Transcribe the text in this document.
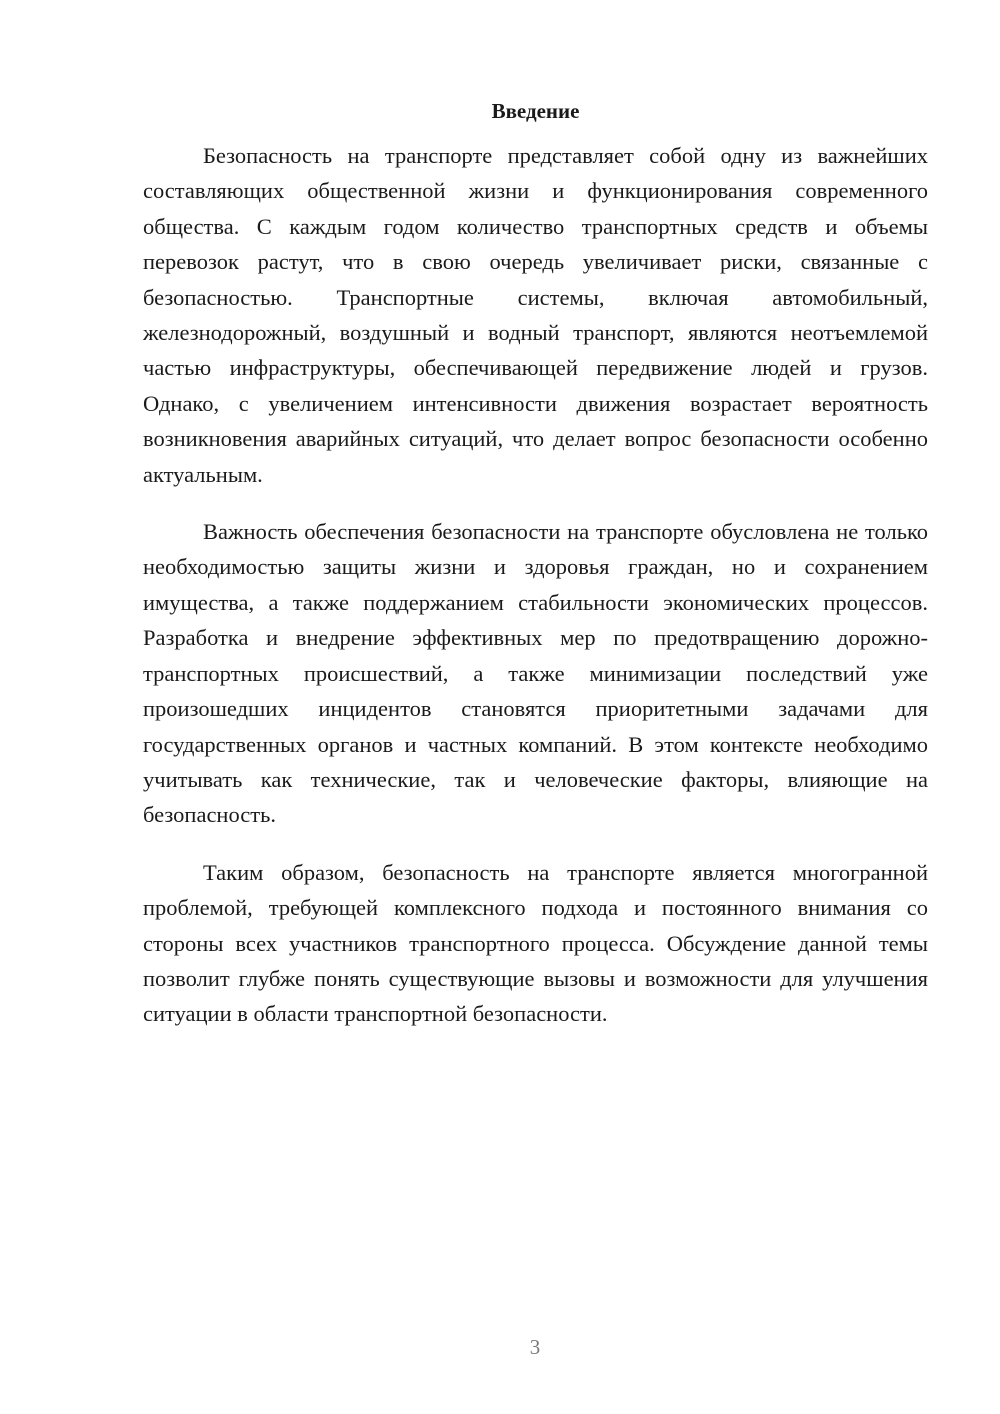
Введение

Безопасность на транспорте представляет собой одну из важнейших составляющих общественной жизни и функционирования современного общества. С каждым годом количество транспортных средств и объемы перевозок растут, что в свою очередь увеличивает риски, связанные с безопасностью. Транспортные системы, включая автомобильный, железнодорожный, воздушный и водный транспорт, являются неотъемлемой частью инфраструктуры, обеспечивающей передвижение людей и грузов. Однако, с увеличением интенсивности движения возрастает вероятность возникновения аварийных ситуаций, что делает вопрос безопасности особенно актуальным.

Важность обеспечения безопасности на транспорте обусловлена не только необходимостью защиты жизни и здоровья граждан, но и сохранением имущества, а также поддержанием стабильности экономических процессов. Разработка и внедрение эффективных мер по предотвращению дорожно-транспортных происшествий, а также минимизации последствий уже произошедших инцидентов становятся приоритетными задачами для государственных органов и частных компаний. В этом контексте необходимо учитывать как технические, так и человеческие факторы, влияющие на безопасность.

Таким образом, безопасность на транспорте является многогранной проблемой, требующей комплексного подхода и постоянного внимания со стороны всех участников транспортного процесса. Обсуждение данной темы позволит глубже понять существующие вызовы и возможности для улучшения ситуации в области транспортной безопасности.

3
